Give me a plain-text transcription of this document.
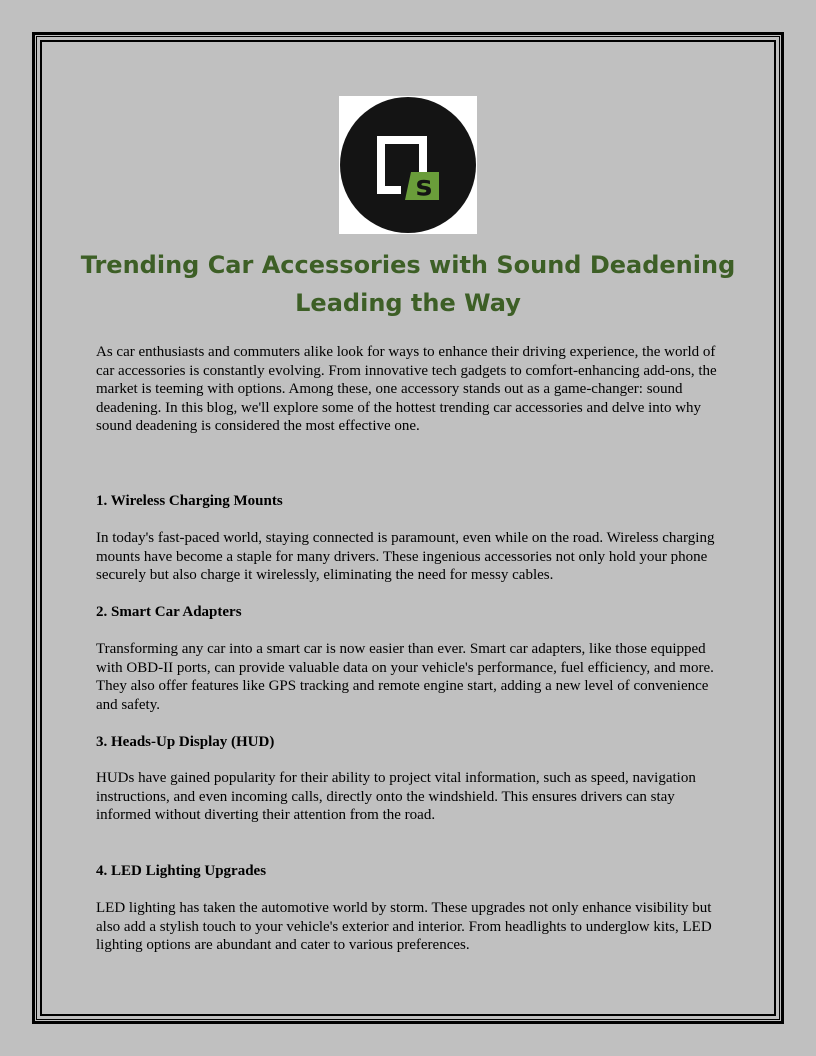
s
Trending Car Accessories with Sound Deadening Leading the Way

As car enthusiasts and commuters alike look for ways to enhance their driving experience, the world of car accessories is constantly evolving. From innovative tech gadgets to comfort-enhancing add-ons, the market is teeming with options. Among these, one accessory stands out as a game-changer: sound deadening. In this blog, we'll explore some of the hottest trending car accessories and delve into why sound deadening is considered the most effective one.

1. Wireless Charging Mounts

In today's fast-paced world, staying connected is paramount, even while on the road. Wireless charging mounts have become a staple for many drivers. These ingenious accessories not only hold your phone securely but also charge it wirelessly, eliminating the need for messy cables.

2. Smart Car Adapters

Transforming any car into a smart car is now easier than ever. Smart car adapters, like those equipped with OBD-II ports, can provide valuable data on your vehicle's performance, fuel efficiency, and more. They also offer features like GPS tracking and remote engine start, adding a new level of convenience and safety.

3. Heads-Up Display (HUD)

HUDs have gained popularity for their ability to project vital information, such as speed, navigation instructions, and even incoming calls, directly onto the windshield. This ensures drivers can stay informed without diverting their attention from the road.

4. LED Lighting Upgrades

LED lighting has taken the automotive world by storm. These upgrades not only enhance visibility but also add a stylish touch to your vehicle's exterior and interior. From headlights to underglow kits, LED lighting options are abundant and cater to various preferences.
